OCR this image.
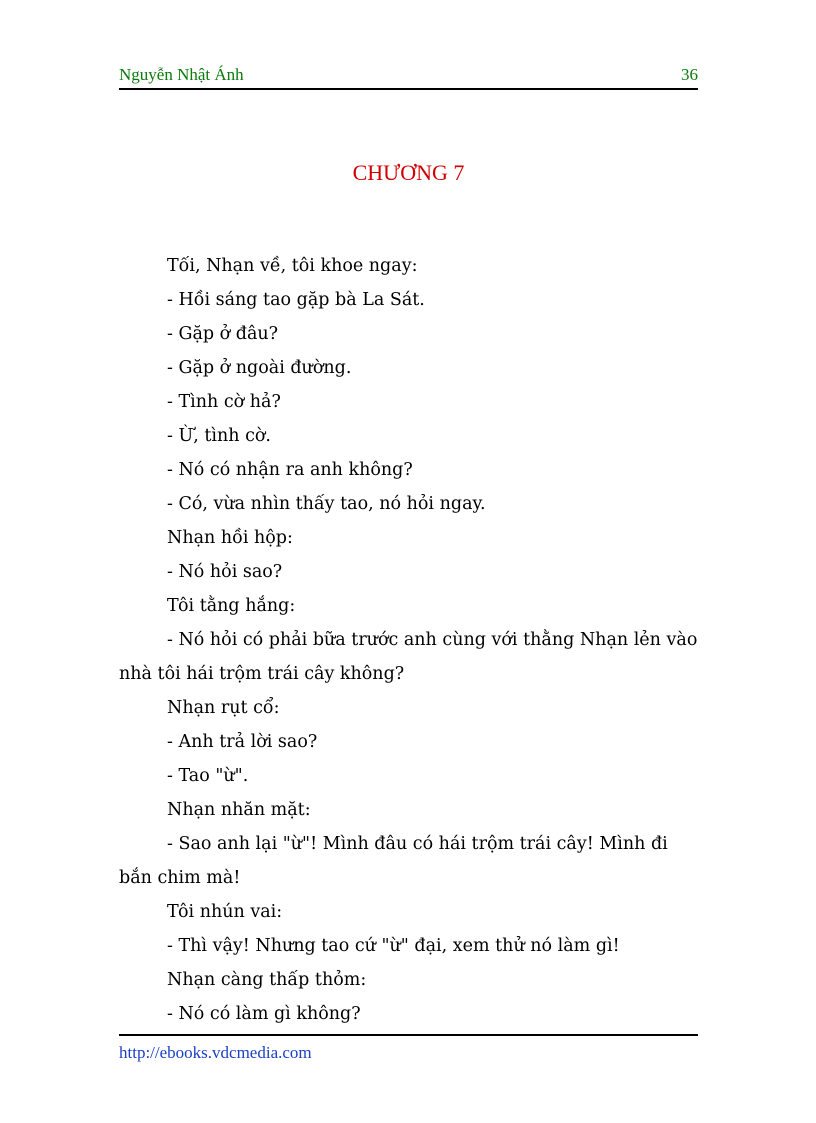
Nguyễn Nhật Ánh	36
CHƯƠNG 7

Tối, Nhạn về, tôi khoe ngay:

- Hồi sáng tao gặp bà La Sát.

- Gặp ở đâu?

- Gặp ở ngoài đường.

- Tình cờ hả?

- Ừ, tình cờ.

- Nó có nhận ra anh không?

- Có, vừa nhìn thấy tao, nó hỏi ngay.

Nhạn hồi hộp:

- Nó hỏi sao?

Tôi tằng hắng:

- Nó hỏi có phải bữa trước anh cùng với thằng Nhạn lẻn vào nhà tôi hái trộm trái cây không?

Nhạn rụt cổ:

- Anh trả lời sao?

- Tao "ừ".

Nhạn nhăn mặt:

- Sao anh lại "ừ"! Mình đâu có hái trộm trái cây! Mình đi bắn chim mà!

Tôi nhún vai:

- Thì vậy! Nhưng tao cứ "ừ" đại, xem thử nó làm gì!

Nhạn càng thấp thỏm:

- Nó có làm gì không?

http://ebooks.vdcmedia.com
